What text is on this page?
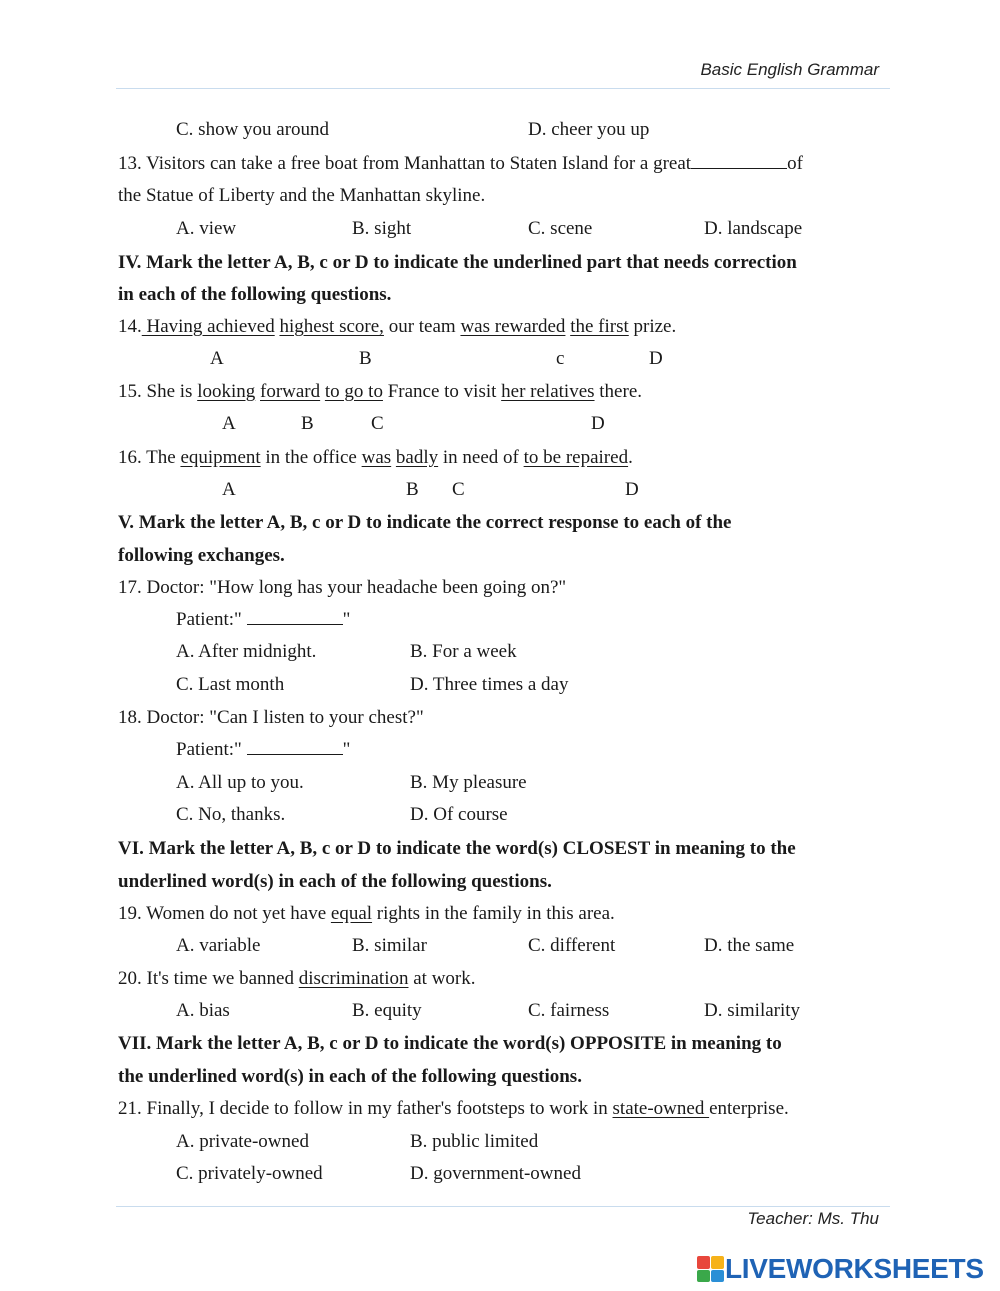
Basic English Grammar
C. show you around	D. cheer you up
13. Visitors can take a free boat from Manhattan to Staten Island for a great	of
the Statue of Liberty and the Manhattan skyline.
A. view	B. sight	C. scene	D. landscape
IV. Mark the letter A, B, c or D to indicate the underlined part that needs correction
in each of the following questions.
14. Having achieved highest score, our team was rewarded the first prize.
A	B	c	D
15. She is looking forward to go to France to visit her relatives there.
A	B	C	D
16. The equipment in the office was badly in need of to be repaired.
A	B C	D
V. Mark the letter A, B, c or D to indicate the correct response to each of the
following exchanges.
17. Doctor: "How long has your headache been going on?"
Patient:"	"
A. After midnight.	B. For a week
C. Last month	D. Three times a day
18. Doctor: "Can I listen to your chest?"
Patient:"	"
A. All up to you.	B. My pleasure
C. No, thanks.	D. Of course
VI. Mark the letter A, B, c or D to indicate the word(s) CLOSEST in meaning to the
underlined word(s) in each of the following questions.
19. Women do not yet have equal rights in the family in this area.
A. variable	B. similar	C. different	D. the same
20. It's time we banned discrimination at work.
A. bias	B. equity	C. fairness	D. similarity
VII. Mark the letter A, B, c or D to indicate the word(s) OPPOSITE in meaning to
the underlined word(s) in each of the following questions.
21. Finally, I decide to follow in my father's footsteps to work in state-owned enterprise.
A. private-owned	B. public limited
C. privately-owned	D. government-owned
Teacher: Ms. Thu
LIVEWORKSHEETS
